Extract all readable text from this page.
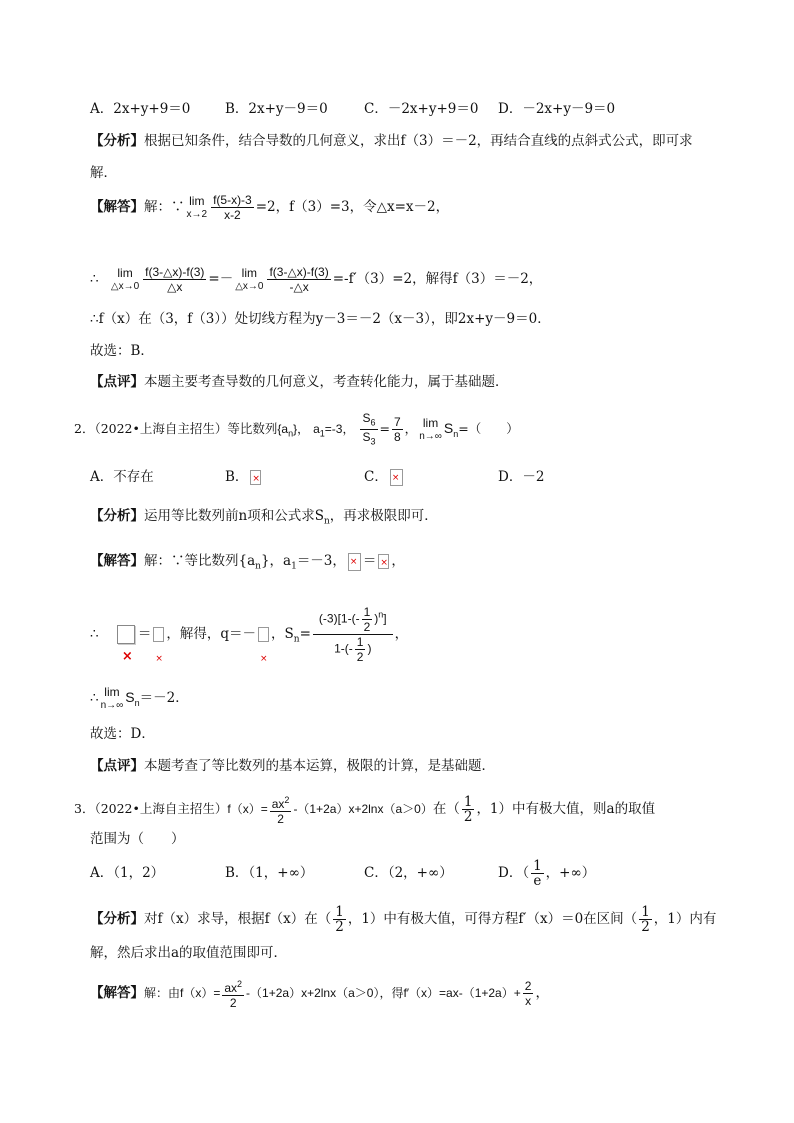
A．2x+y+9＝0	B．2x+y－9＝0	C．－2x+y+9＝0 D．－2x+y－9＝0
【分析】根据已知条件，结合导数的几何意义，求出f（3）＝－2，再结合直线的点斜式公式，即可求
解．
【解答】解：∵ lim
$x\to 2 \frac{f(5-x)-3}{x-2} =2$，f（3）=3，令△x=x－2，
∴	lim
△x→0 $\frac{f(3-\triangle x)-f(3)}{\triangle x} =- \lim$
△x→0 $\frac{f(3-\triangle x)-f(3)}{-\triangle x} =-f'(3)=2$，解得f（3）＝－2，
∴f（x）在（3，f（3））处切线方程为y－3＝－2（x－3），即2x+y－9＝0．
故选：B．
【点评】本题主要考查导数的几何意义，考查转化能力，属于基础题．
2．（2022•上海自主招生）等比数列$\{a_n\}$， $a_1=-3$， $\frac{S_6}{S_3} = \frac{7}{8}$ ， lim
n→∞ $S_n=$（　　）
A．不存在	B． ×	C． ×	D．－2
【分析】运用等比数列前n项和公式求$S_n$，再求极限即可．
【解答】解：∵等比数列$\{a_n\}$，$a_1=-3$， × ＝ × ，
∴ ×	＝ × ，解得，q＝－ × ，$S_n= \frac{(-3)[1-(- \frac{1}{2} )^n]}{1-(- \frac{1}{2} )}$ ，
∴ lim
n→∞ $S_n=-2$．
故选：D．
【点评】本题考查了等比数列的基本运算，极限的计算，是基础题．
3．（2022•上海自主招生）$f(x)= \frac{ax^2}{2} -(1+2a)x+2\ln x(a>0)$在（ $\frac{1}{2}$ ，1）中有极大值，则a的取值
范围为（　　）
A．（1，2）	B．（1，+∞）	C．（2，+∞）	D．（ $\frac{1}{e}$ ，+∞）
【分析】对f（x）求导，根据f（x）在（ $\frac{1}{2}$ ，1）中有极大值，可得方程f′（x）＝0在区间（ $\frac{1}{2}$ ，1）内有
解，然后求出a的取值范围即可．
【解答】解：由$f(x)= \frac{ax^2}{2} -(1+2a)x+2\ln x(a>0)$，得$f'(x)=ax-(1+2a)+ \frac{2}{x}$ ，
